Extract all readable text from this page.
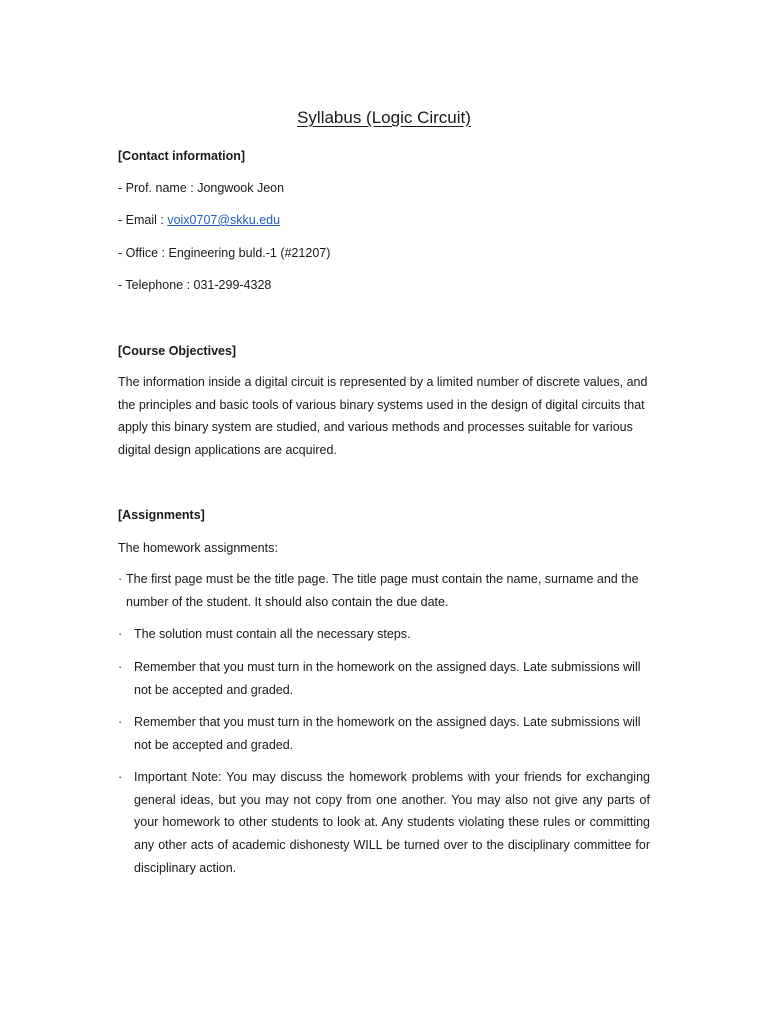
Syllabus (Logic Circuit)
[Contact information]

- Prof. name : Jongwook Jeon

- Email : voix0707@skku.edu

- Office : Engineering buld.-1 (#21207)

- Telephone : 031-299-4328

[Course Objectives]

The information inside a digital circuit is represented by a limited number of discrete values, and the principles and basic tools of various binary systems used in the design of digital circuits that apply this binary system are studied, and various methods and processes suitable for various digital design applications are acquired.

[Assignments]

The homework assignments:

· The first page must be the title page. The title page must contain the name, surname and the number of the student. It should also contain the due date.
· The solution must contain all the necessary steps.
· Remember that you must turn in the homework on the assigned days. Late submissions will not be accepted and graded.
· Remember that you must turn in the homework on the assigned days. Late submissions will not be accepted and graded.
· Important Note: You may discuss the homework problems with your friends for exchanging general ideas, but you may not copy from one another. You may also not give any parts of your homework to other students to look at. Any students violating these rules or committing any other acts of academic dishonesty WILL be turned over to the disciplinary committee for disciplinary action.
